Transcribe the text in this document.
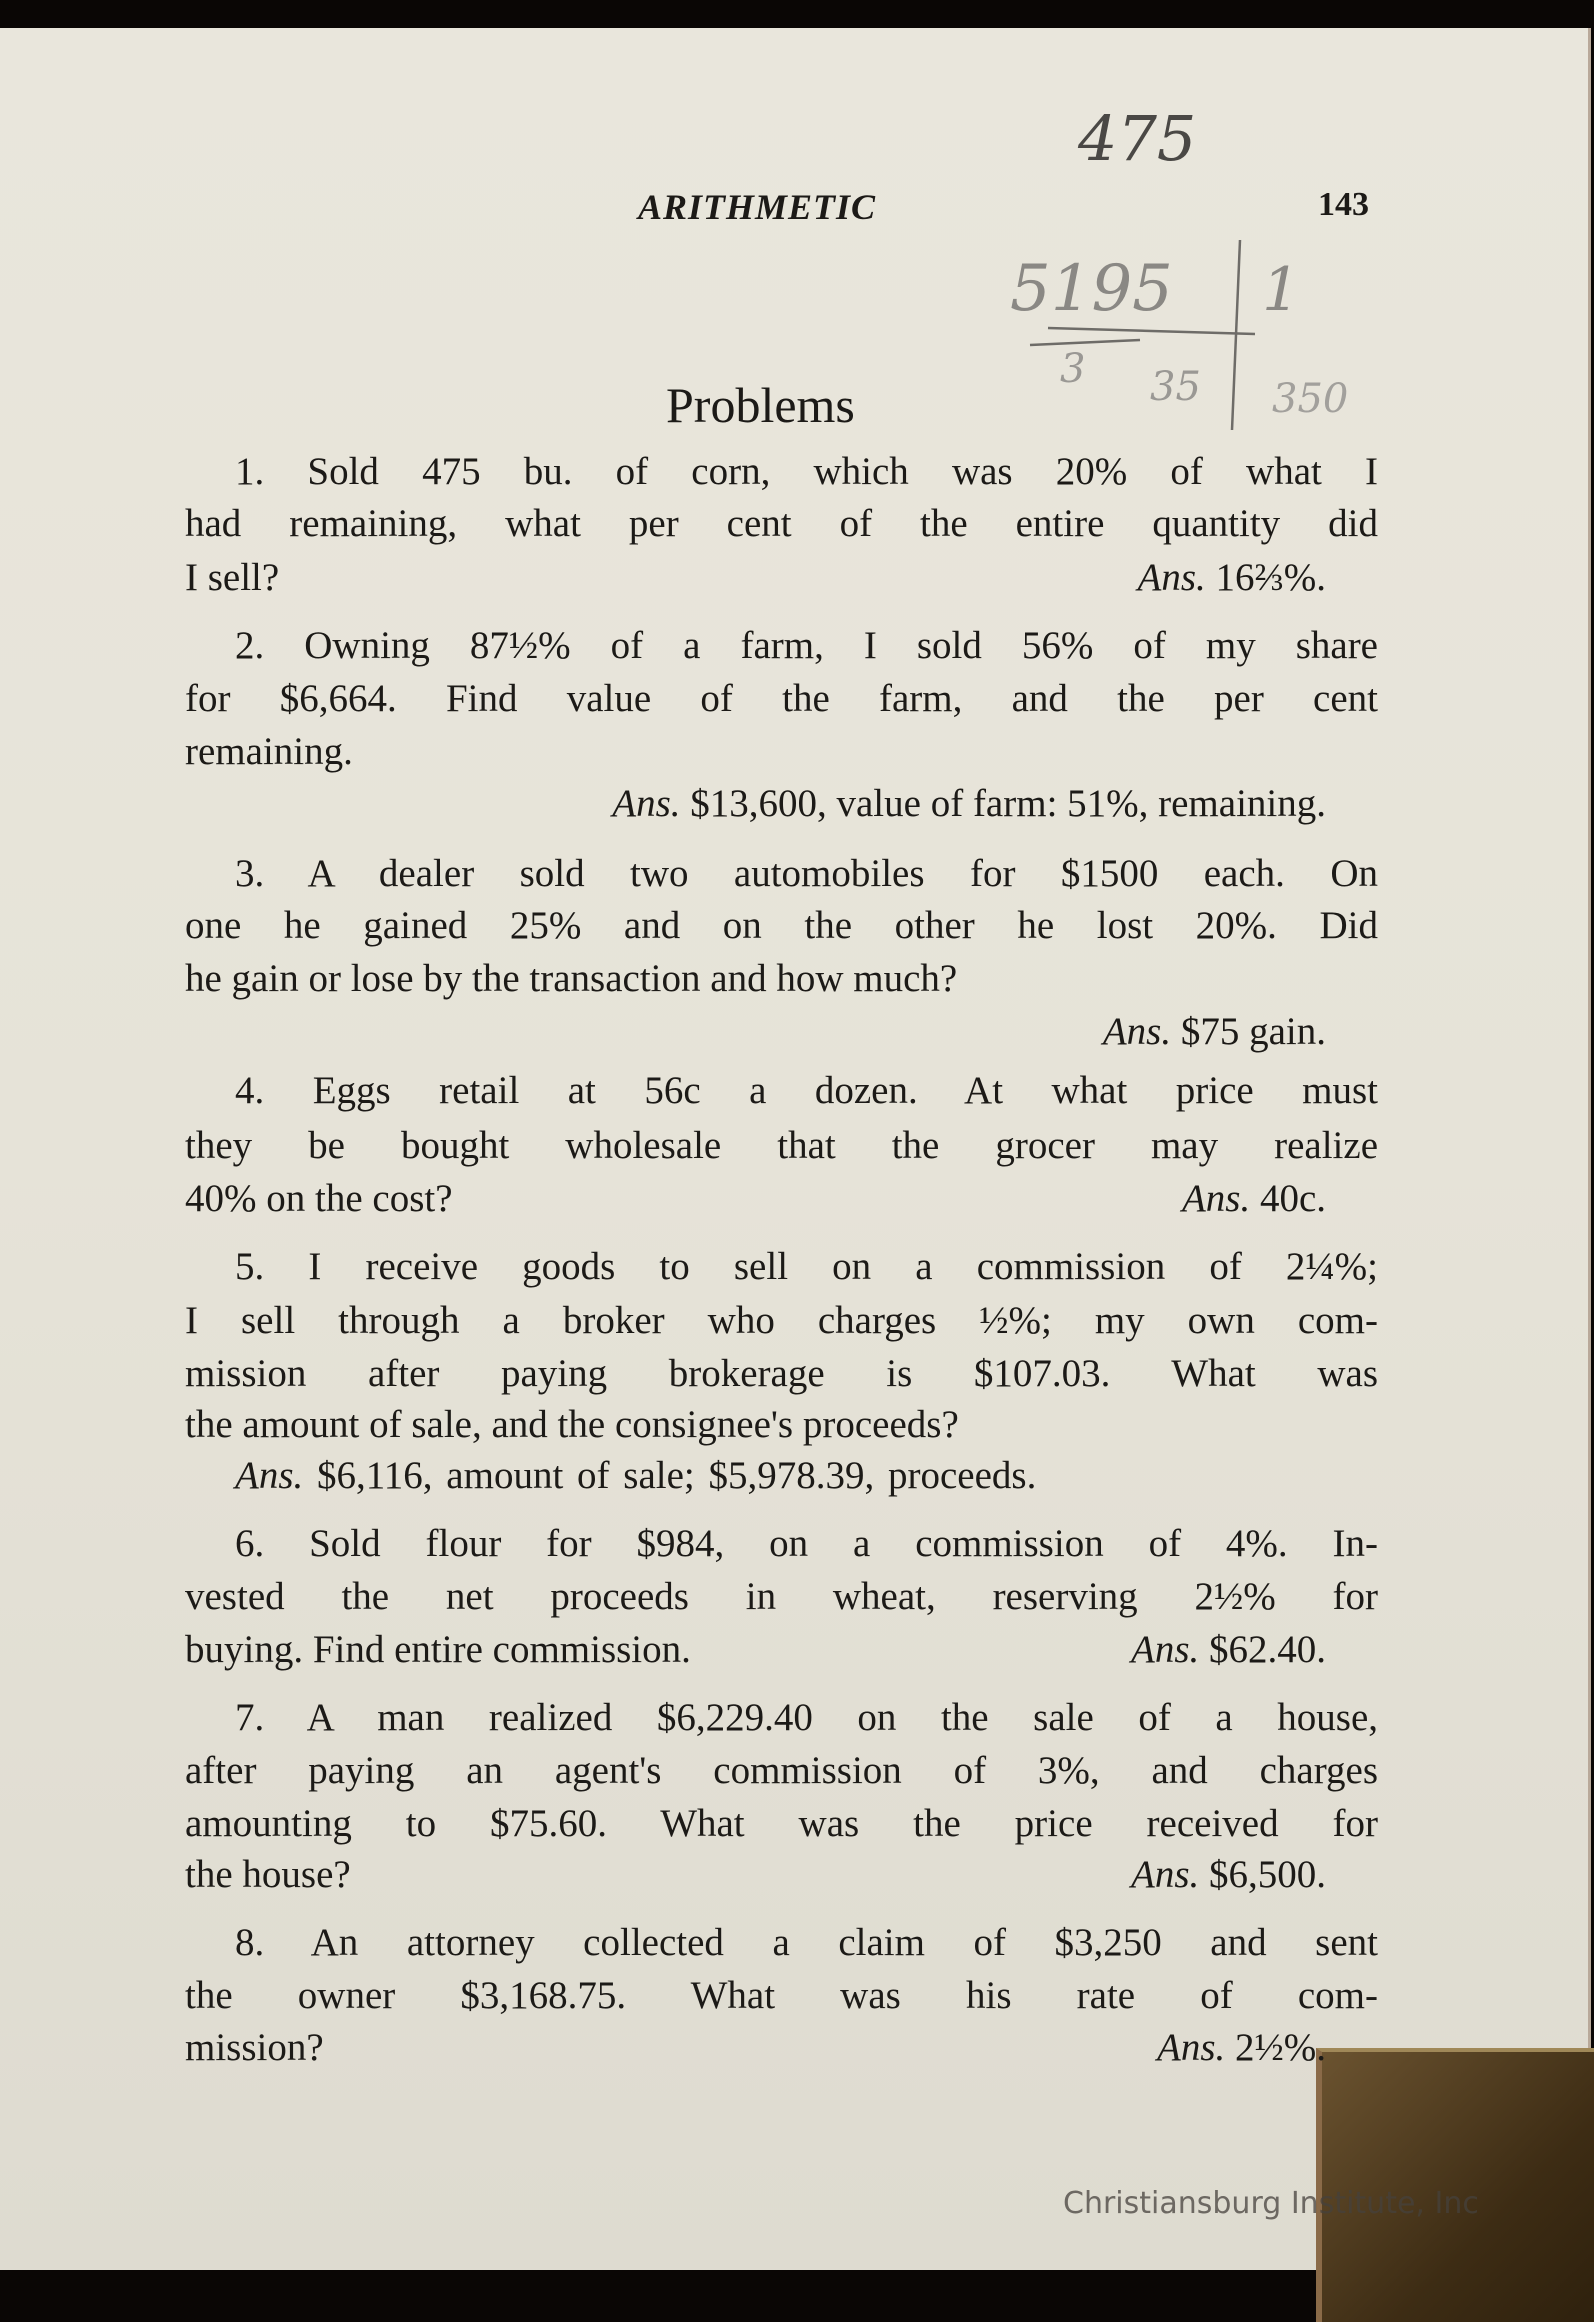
ARITHMETIC	143
Problems
475
5195 1
3 35 350
1. Sold 475 bu. of corn, which was 20% of what I
had remaining, what per cent of the entire quantity did
I sell?	Ans. 16⅔%.
2. Owning 87½% of a farm, I sold 56% of my share
for $6,664. Find value of the farm, and the per cent
remaining.
Ans. $13,600, value of farm: 51%, remaining.
3. A dealer sold two automobiles for $1500 each. On
one he gained 25% and on the other he lost 20%. Did
he gain or lose by the transaction and how much?
Ans. $75 gain.
4. Eggs retail at 56c a dozen. At what price must
they be bought wholesale that the grocer may realize
40% on the cost?	Ans. 40c.
5. I receive goods to sell on a commission of 2¼%;
I sell through a broker who charges ½%; my own com-
mission after paying brokerage is $107.03. What was
the amount of sale, and the consignee's proceeds?
Ans. $6,116, amount of sale; $5,978.39, proceeds.
6. Sold flour for $984, on a commission of 4%. In-
vested the net proceeds in wheat, reserving 2½% for
buying. Find entire commission.	Ans. $62.40.
7. A man realized $6,229.40 on the sale of a house,
after paying an agent's commission of 3%, and charges
amounting to $75.60. What was the price received for
the house?	Ans. $6,500.
8. An attorney collected a claim of $3,250 and sent
the owner $3,168.75. What was his rate of com-
mission?	Ans. 2½%.
Christiansburg Institute, Inc
